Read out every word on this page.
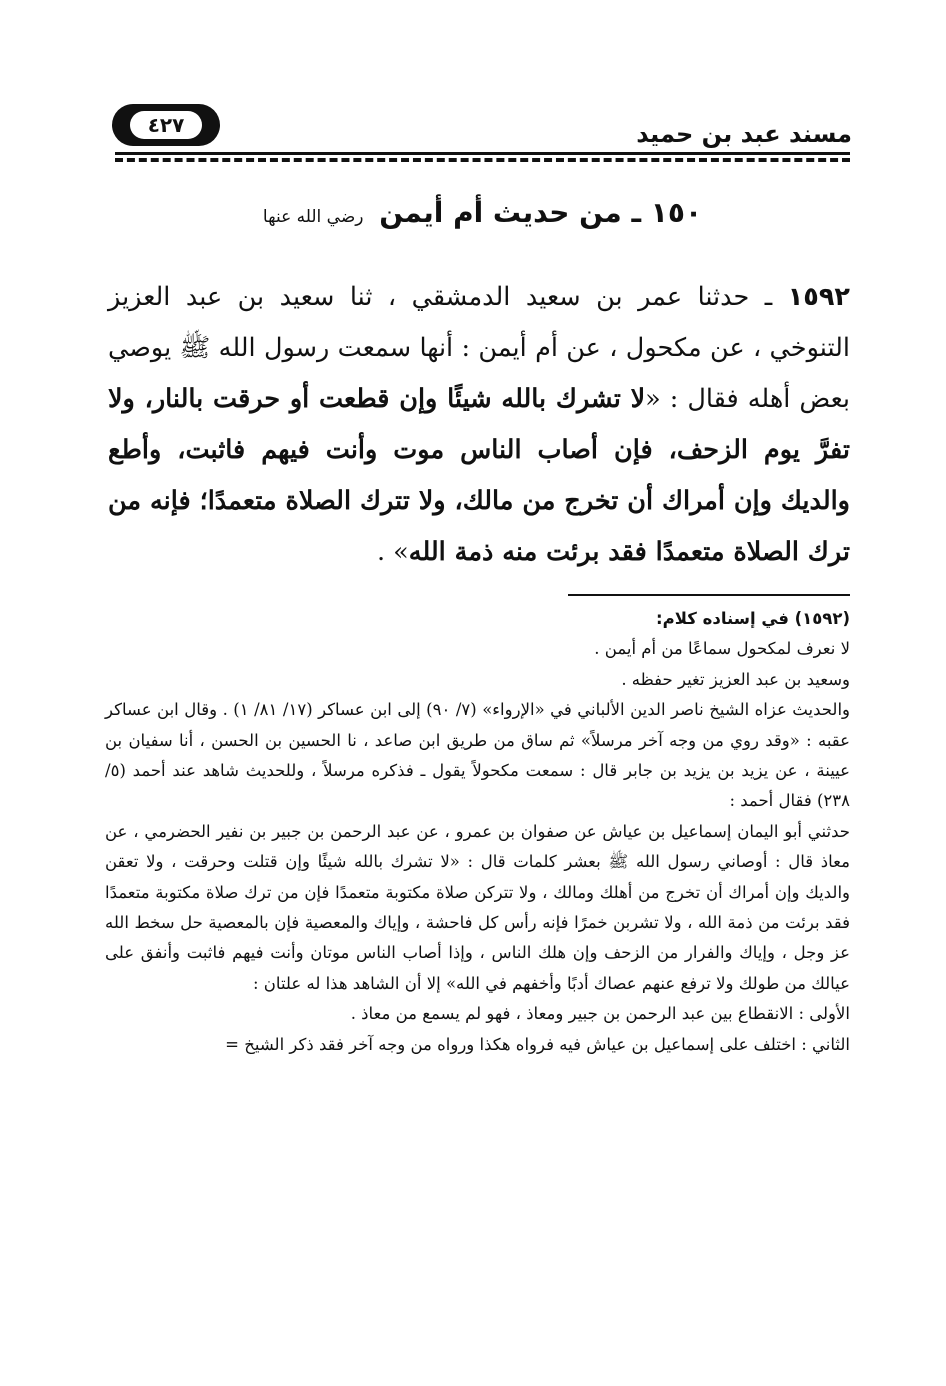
٤٢٧	مسند عبد بن حميد
١٥٠ ـ من حديث أم أيمن رضي الله عنها
١٥٩٢ ـ حدثنا عمر بن سعيد الدمشقي ، ثنا سعيد بن عبد العزيز التنوخي ، عن مكحول ، عن أم أيمن : أنها سمعت رسول الله ﷺ يوصي بعض أهله فقال : «لا تشرك بالله شيئًا وإن قطعت أو حرقت بالنار، ولا تفرَّ يوم الزحف، فإن أصاب الناس موت وأنت فيهم فاثبت، وأطع والديك وإن أمراك أن تخرج من مالك، ولا تترك الصلاة متعمدًا؛ فإنه من ترك الصلاة متعمدًا فقد برئت منه ذمة الله» .

(١٥٩٢) في إسناده كلام:

لا نعرف لمكحول سماعًا من أم أيمن .

وسعيد بن عبد العزيز تغير حفظه .

والحديث عزاه الشيخ ناصر الدين الألباني في «الإرواء» (٧/ ٩٠) إلى ابن عساكر (١٧/ ٨١/ ١) . وقال ابن عساكر عقبه : «وقد روي من وجه آخر مرسلاً» ثم ساق من طريق ابن صاعد ، نا الحسين بن الحسن ، أنا سفيان بن عيينة ، عن يزيد بن يزيد بن جابر قال : سمعت مكحولاً يقول ـ فذكره مرسلاً ، وللحديث شاهد عند أحمد (٥/ ٢٣٨) فقال أحمد :

حدثني أبو اليمان إسماعيل بن عياش عن صفوان بن عمرو ، عن عبد الرحمن بن جبير بن نفير الحضرمي ، عن معاذ قال : أوصاني رسول الله ﷺ بعشر كلمات قال : «لا تشرك بالله شيئًا وإن قتلت وحرقت ، ولا تعقن والديك وإن أمراك أن تخرج من أهلك ومالك ، ولا تتركن صلاة مكتوبة متعمدًا فإن من ترك صلاة مكتوبة متعمدًا فقد برئت من ذمة الله ، ولا تشربن خمرًا فإنه رأس كل فاحشة ، وإياك والمعصية فإن بالمعصية حل سخط الله عز وجل ، وإياك والفرار من الزحف وإن هلك الناس ، وإذا أصاب الناس موتان وأنت فيهم فاثبت وأنفق على عيالك من طولك ولا ترفع عنهم عصاك أدبًا وأخفهم في الله» إلا أن الشاهد هذا له علتان :

الأولى : الانقطاع بين عبد الرحمن بن جبير ومعاذ ، فهو لم يسمع من معاذ .

الثاني : اختلف على إسماعيل بن عياش فيه فرواه هكذا ورواه من وجه آخر فقد ذكر الشيخ =
